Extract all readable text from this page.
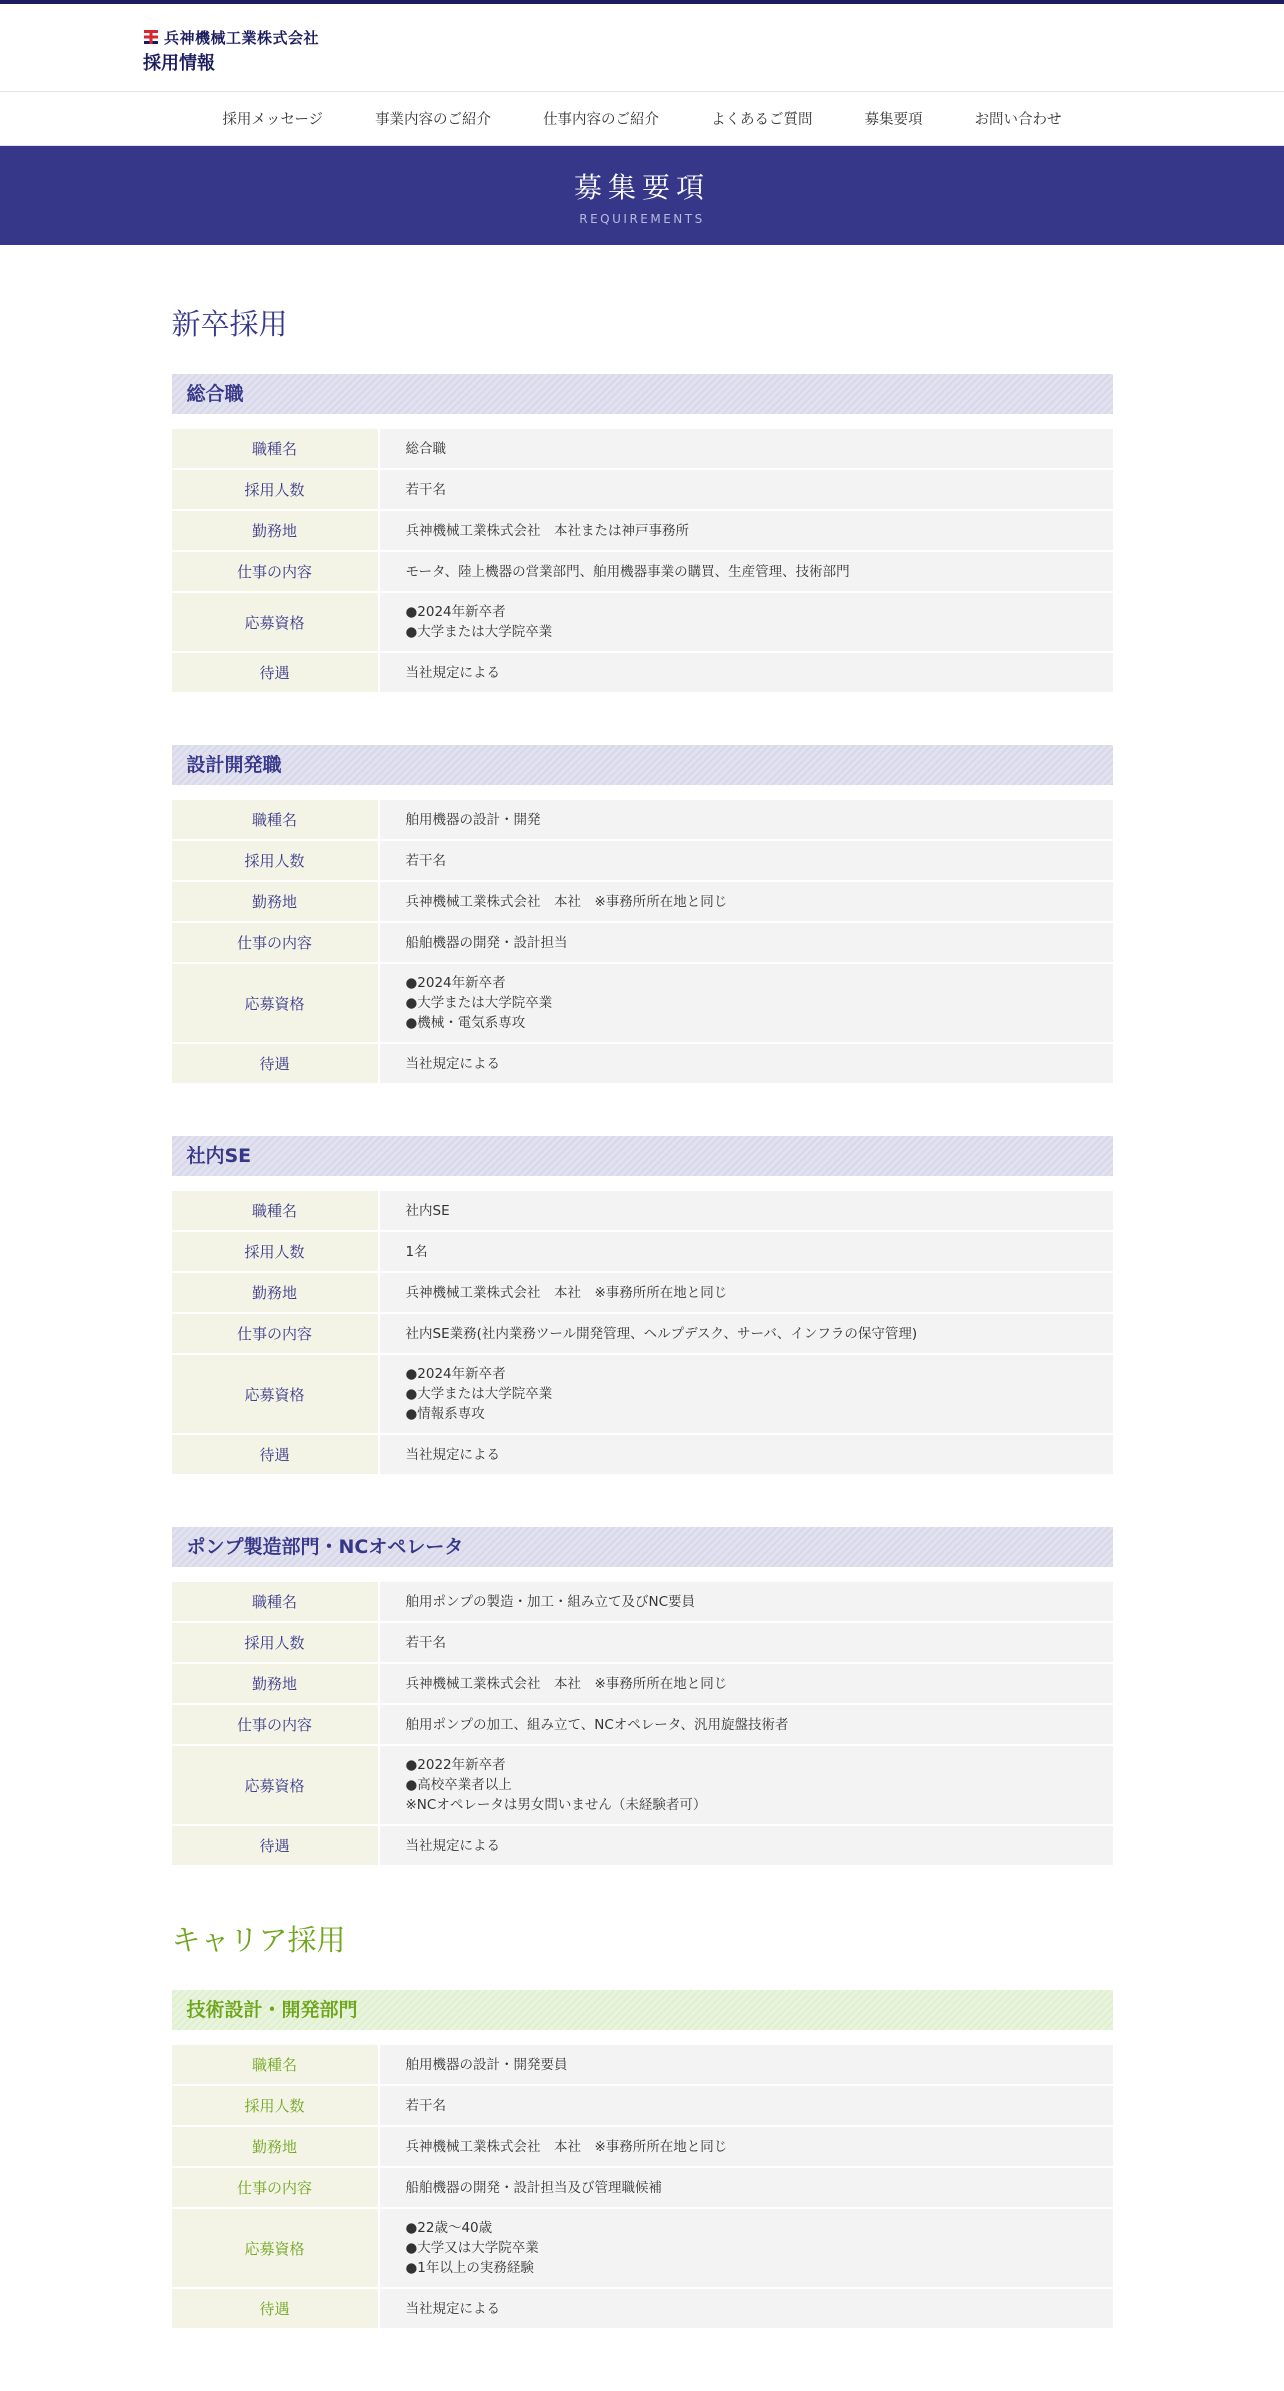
兵神機械工業株式会社
採用情報
採用メッセージ	事業内容のご紹介	仕事内容のご紹介	よくあるご質問	募集要項	お問い合わせ
募集要項
REQUIREMENTS
新卒採用
総合職
職種名	総合職
採用人数	若干名
勤務地	兵神機械工業株式会社　本社または神戸事務所
仕事の内容	モータ、陸上機器の営業部門、舶用機器事業の購買、生産管理、技術部門
応募資格	●2024年新卒者
●大学または大学院卒業

待遇	当社規定による
設計開発職
職種名	舶用機器の設計・開発
採用人数	若干名
勤務地	兵神機械工業株式会社　本社　※事務所所在地と同じ
仕事の内容	船舶機器の開発・設計担当
応募資格	●2024年新卒者
●大学または大学院卒業
●機械・電気系専攻

待遇	当社規定による
社内SE
職種名	社内SE
採用人数	1名
勤務地	兵神機械工業株式会社　本社　※事務所所在地と同じ
仕事の内容	社内SE業務(社内業務ツール開発管理、ヘルプデスク、サーバ、インフラの保守管理)
応募資格	●2024年新卒者
●大学または大学院卒業
●情報系専攻

待遇	当社規定による
ポンプ製造部門・NCオペレータ
職種名	舶用ポンプの製造・加工・組み立て及びNC要員
採用人数	若干名
勤務地	兵神機械工業株式会社　本社　※事務所所在地と同じ
仕事の内容	舶用ポンプの加工、組み立て、NCオペレータ、汎用旋盤技術者
応募資格	●2022年新卒者
●高校卒業者以上
※NCオペレータは男女問いません（未経験者可）

待遇	当社規定による
キャリア採用
技術設計・開発部門
職種名	舶用機器の設計・開発要員
採用人数	若干名
勤務地	兵神機械工業株式会社　本社　※事務所所在地と同じ
仕事の内容	船舶機器の開発・設計担当及び管理職候補
応募資格	●22歳～40歳
●大学又は大学院卒業
●1年以上の実務経験

待遇	当社規定による
